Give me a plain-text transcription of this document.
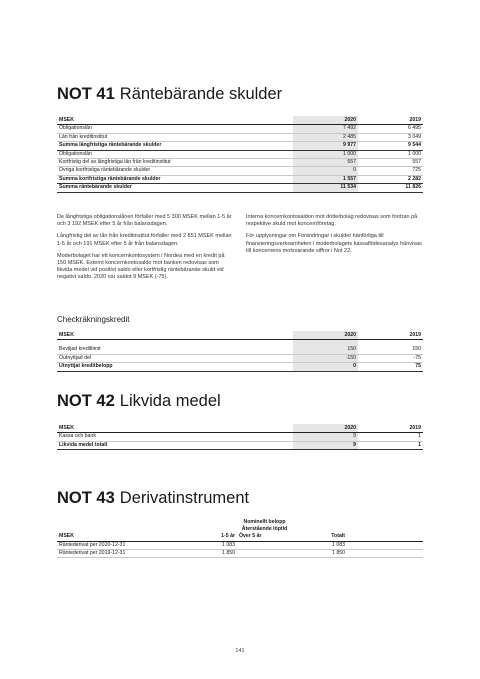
NOT 41 Räntebärande skulder
MSEK	2020	2019
Obligationslån	7 492	6 495
Lån från kreditinstitut	2 485	3 049
Summa långfristiga räntebärande skulder	9 977	9 544
Obligationslån	1 000	1 000
Kortfristig del av långfristiga lån från kreditinstitut	557	557
Övriga kortfristiga räntebärande skulder	0	725
Summa kortfristiga räntebärande skulder	1 557	2 282
Summa räntebärande skulder	11 534	11 826

De långfristiga obligationslånen förfaller med 5 300 MSEK mellan 1-5 år och 3 192 MSEK efter 5 år från balansdagen.

Långfristig del av lån från kreditinstitut förfaller med 2 851 MSEK mellan 1-5 år och 191 MSEK efter 5 år från balansdagen.

Moderbolaget har ett koncernkontosystem i Nordea med en kredit på 150 MSEK. Externt koncernkontosaldo mot banken redovisas som likvida medel vid positivt saldo eller kortfristig räntebärande skuld vid negativt saldo. 2020 var saldot 9 MSEK (-75).

Interna koncernkontosaldon mot dotterbolag redovisas som fordran på respektive skuld mot koncernföretag.

För upplysningar om Förändringar i skulder hänförliga till finansieringsverksamheten i moderbolagets kassaflödesanalys hänvisas till koncernens motsvarande siffror i Not 22.

Checkräkningskredit
MSEK	2020	2019

Beviljad kreditlimit	150	150
Outnyttjad del	-150	-75
Utnyttjat kreditbelopp	0	75
NOT 42 Likvida medel
MSEK	2020	2019
Kassa och bank	9	1
Likvida medel totalt	9	1
NOT 43 Derivatinstrument

	Nominellt belopp
Återstående löptid			

MSEK	1-5 år	Över 5 år	Totalt	
Räntederivat per 2020-12-31	1 083		1 083	
Räntederivat per 2019-12-31	1 850		1 850	
141
